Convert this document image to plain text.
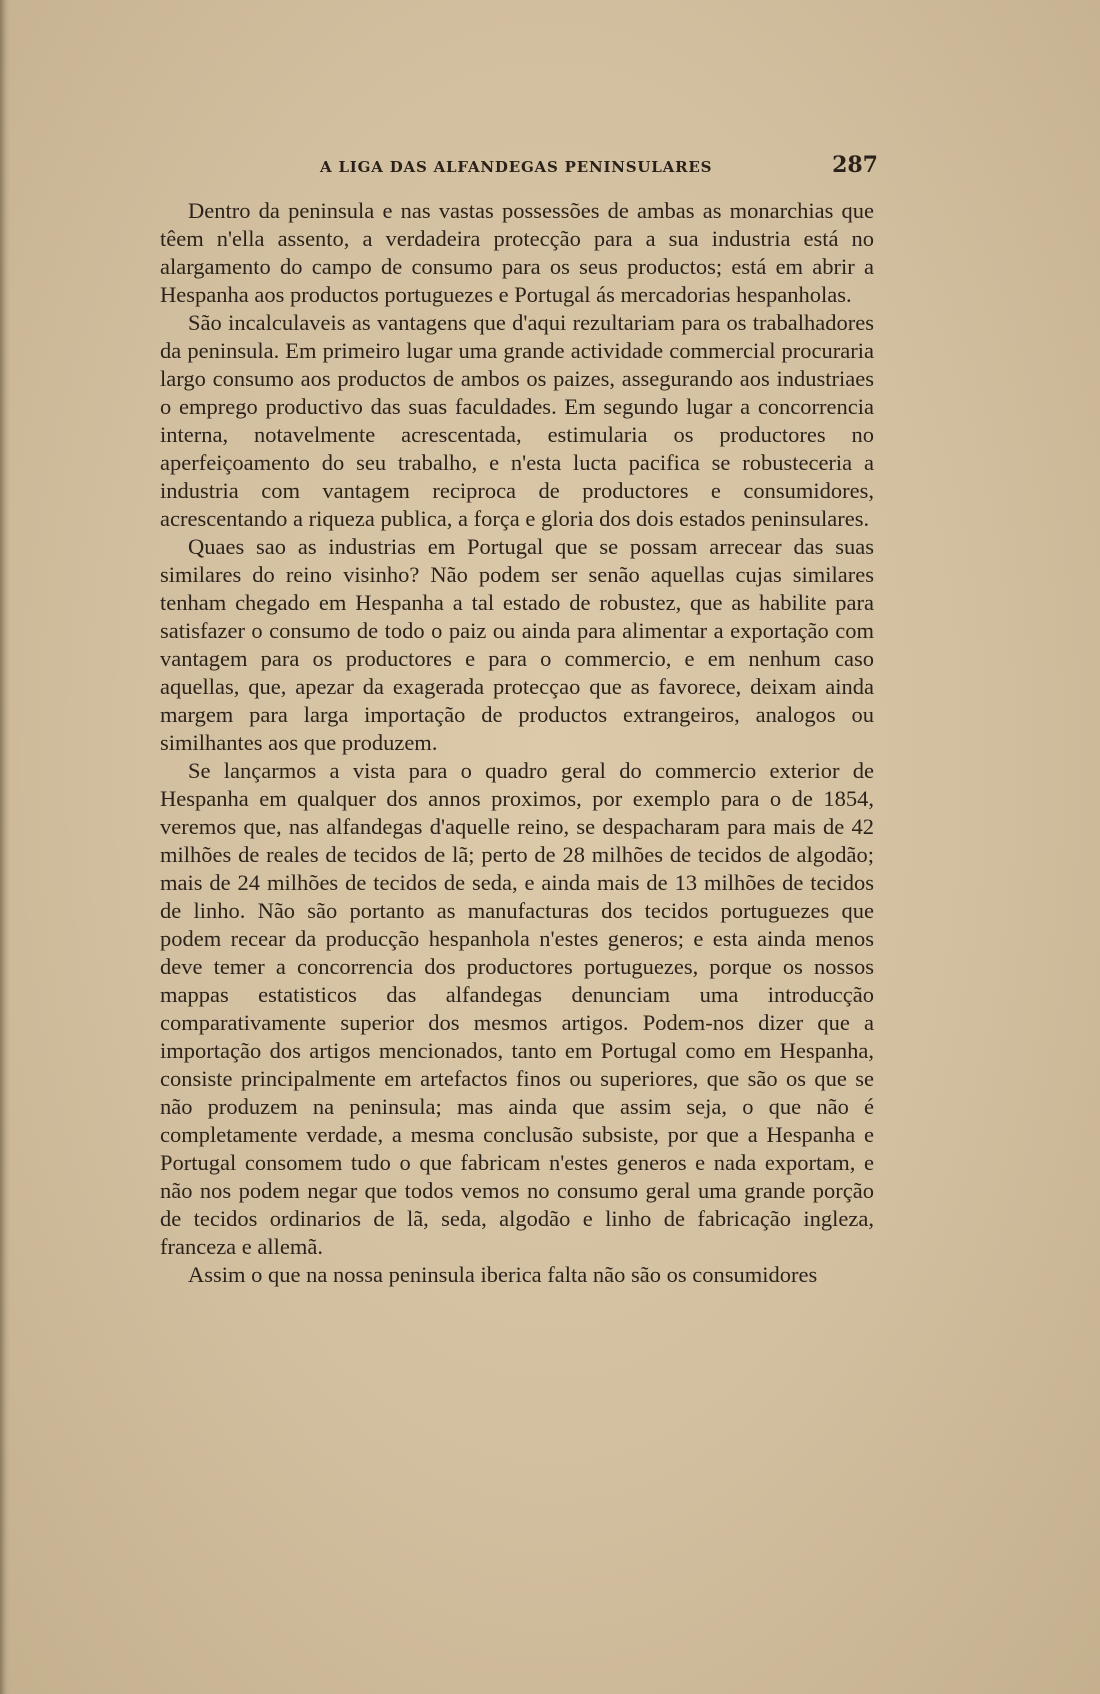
A LIGA DAS ALFANDEGAS PENINSULARES	287

Dentro da peninsula e nas vastas possessões de ambas as monarchias que têem n'ella assento, a verdadeira protecção para a sua industria está no alargamento do campo de consumo para os seus productos; está em abrir a Hespanha aos productos portuguezes e Portugal ás mercadorias hespanholas.

São incalculaveis as vantagens que d'aqui rezultariam para os trabalhadores da peninsula. Em primeiro lugar uma grande actividade commercial procuraria largo consumo aos productos de ambos os paizes, assegurando aos industriaes o emprego productivo das suas faculdades. Em segundo lugar a concorrencia interna, notavelmente acrescentada, estimularia os productores no aperfeiçoamento do seu trabalho, e n'esta lucta pacifica se robusteceria a industria com vantagem reciproca de productores e consumidores, acrescentando a riqueza publica, a força e gloria dos dois estados peninsulares.

Quaes sao as industrias em Portugal que se possam arrecear das suas similares do reino visinho? Não podem ser senão aquellas cujas similares tenham chegado em Hespanha a tal estado de robustez, que as habilite para satisfazer o consumo de todo o paiz ou ainda para alimentar a exportação com vantagem para os productores e para o commercio, e em nenhum caso aquellas, que, apezar da exagerada protecçao que as favorece, deixam ainda margem para larga importação de productos extrangeiros, analogos ou similhantes aos que produzem.

Se lançarmos a vista para o quadro geral do commercio exterior de Hespanha em qualquer dos annos proximos, por exemplo para o de 1854, veremos que, nas alfandegas d'aquelle reino, se despacharam para mais de 42 milhões de reales de tecidos de lã; perto de 28 milhões de tecidos de algodão; mais de 24 milhões de tecidos de seda, e ainda mais de 13 milhões de tecidos de linho. Não são portanto as manufacturas dos tecidos portuguezes que podem recear da producção hespanhola n'estes generos; e esta ainda menos deve temer a concorrencia dos productores portuguezes, porque os nossos mappas estatisticos das alfandegas denunciam uma introducção comparativamente superior dos mesmos artigos. Podem-nos dizer que a importação dos artigos mencionados, tanto em Portugal como em Hespanha, consiste principalmente em artefactos finos ou superiores, que são os que se não produzem na peninsula; mas ainda que assim seja, o que não é completamente verdade, a mesma conclusão subsiste, por que a Hespanha e Portugal consomem tudo o que fabricam n'estes generos e nada exportam, e não nos podem negar que todos vemos no consumo geral uma grande porção de tecidos ordinarios de lã, seda, algodão e linho de fabricação ingleza, franceza e allemã.

Assim o que na nossa peninsula iberica falta não são os consumidores
